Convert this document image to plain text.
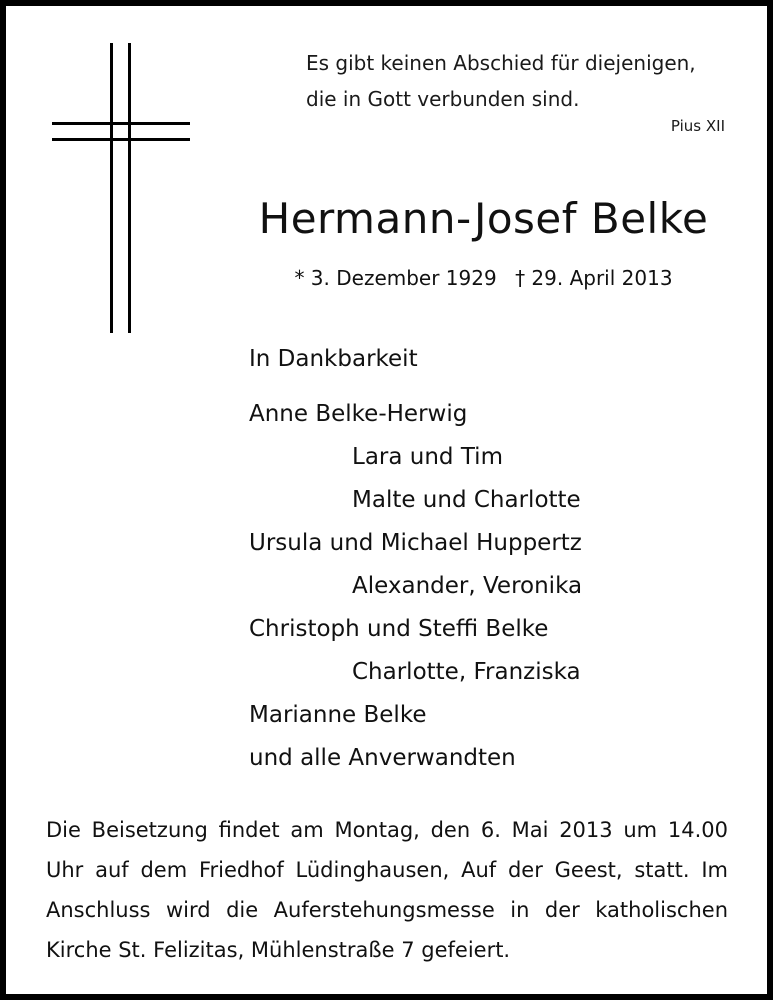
Es gibt keinen Abschied für diejenigen,
die in Gott verbunden sind.
Pius XII
Hermann-Josef Belke
* 3. Dezember 1929 † 29. April 2013
In Dankbarkeit
Anne Belke-Herwig
Lara und Tim
Malte und Charlotte
Ursula und Michael Huppertz
Alexander, Veronika
Christoph und Steffi Belke
Charlotte, Franziska
Marianne Belke
und alle Anverwandten
Die Beisetzung findet am Montag, den 6. Mai 2013 um 14.00 Uhr auf dem Friedhof Lüdinghausen, Auf der Geest, statt. Im Anschluss wird die Auferstehungsmesse in der katholischen Kirche St. Felizitas, Mühlenstraße 7 gefeiert.
